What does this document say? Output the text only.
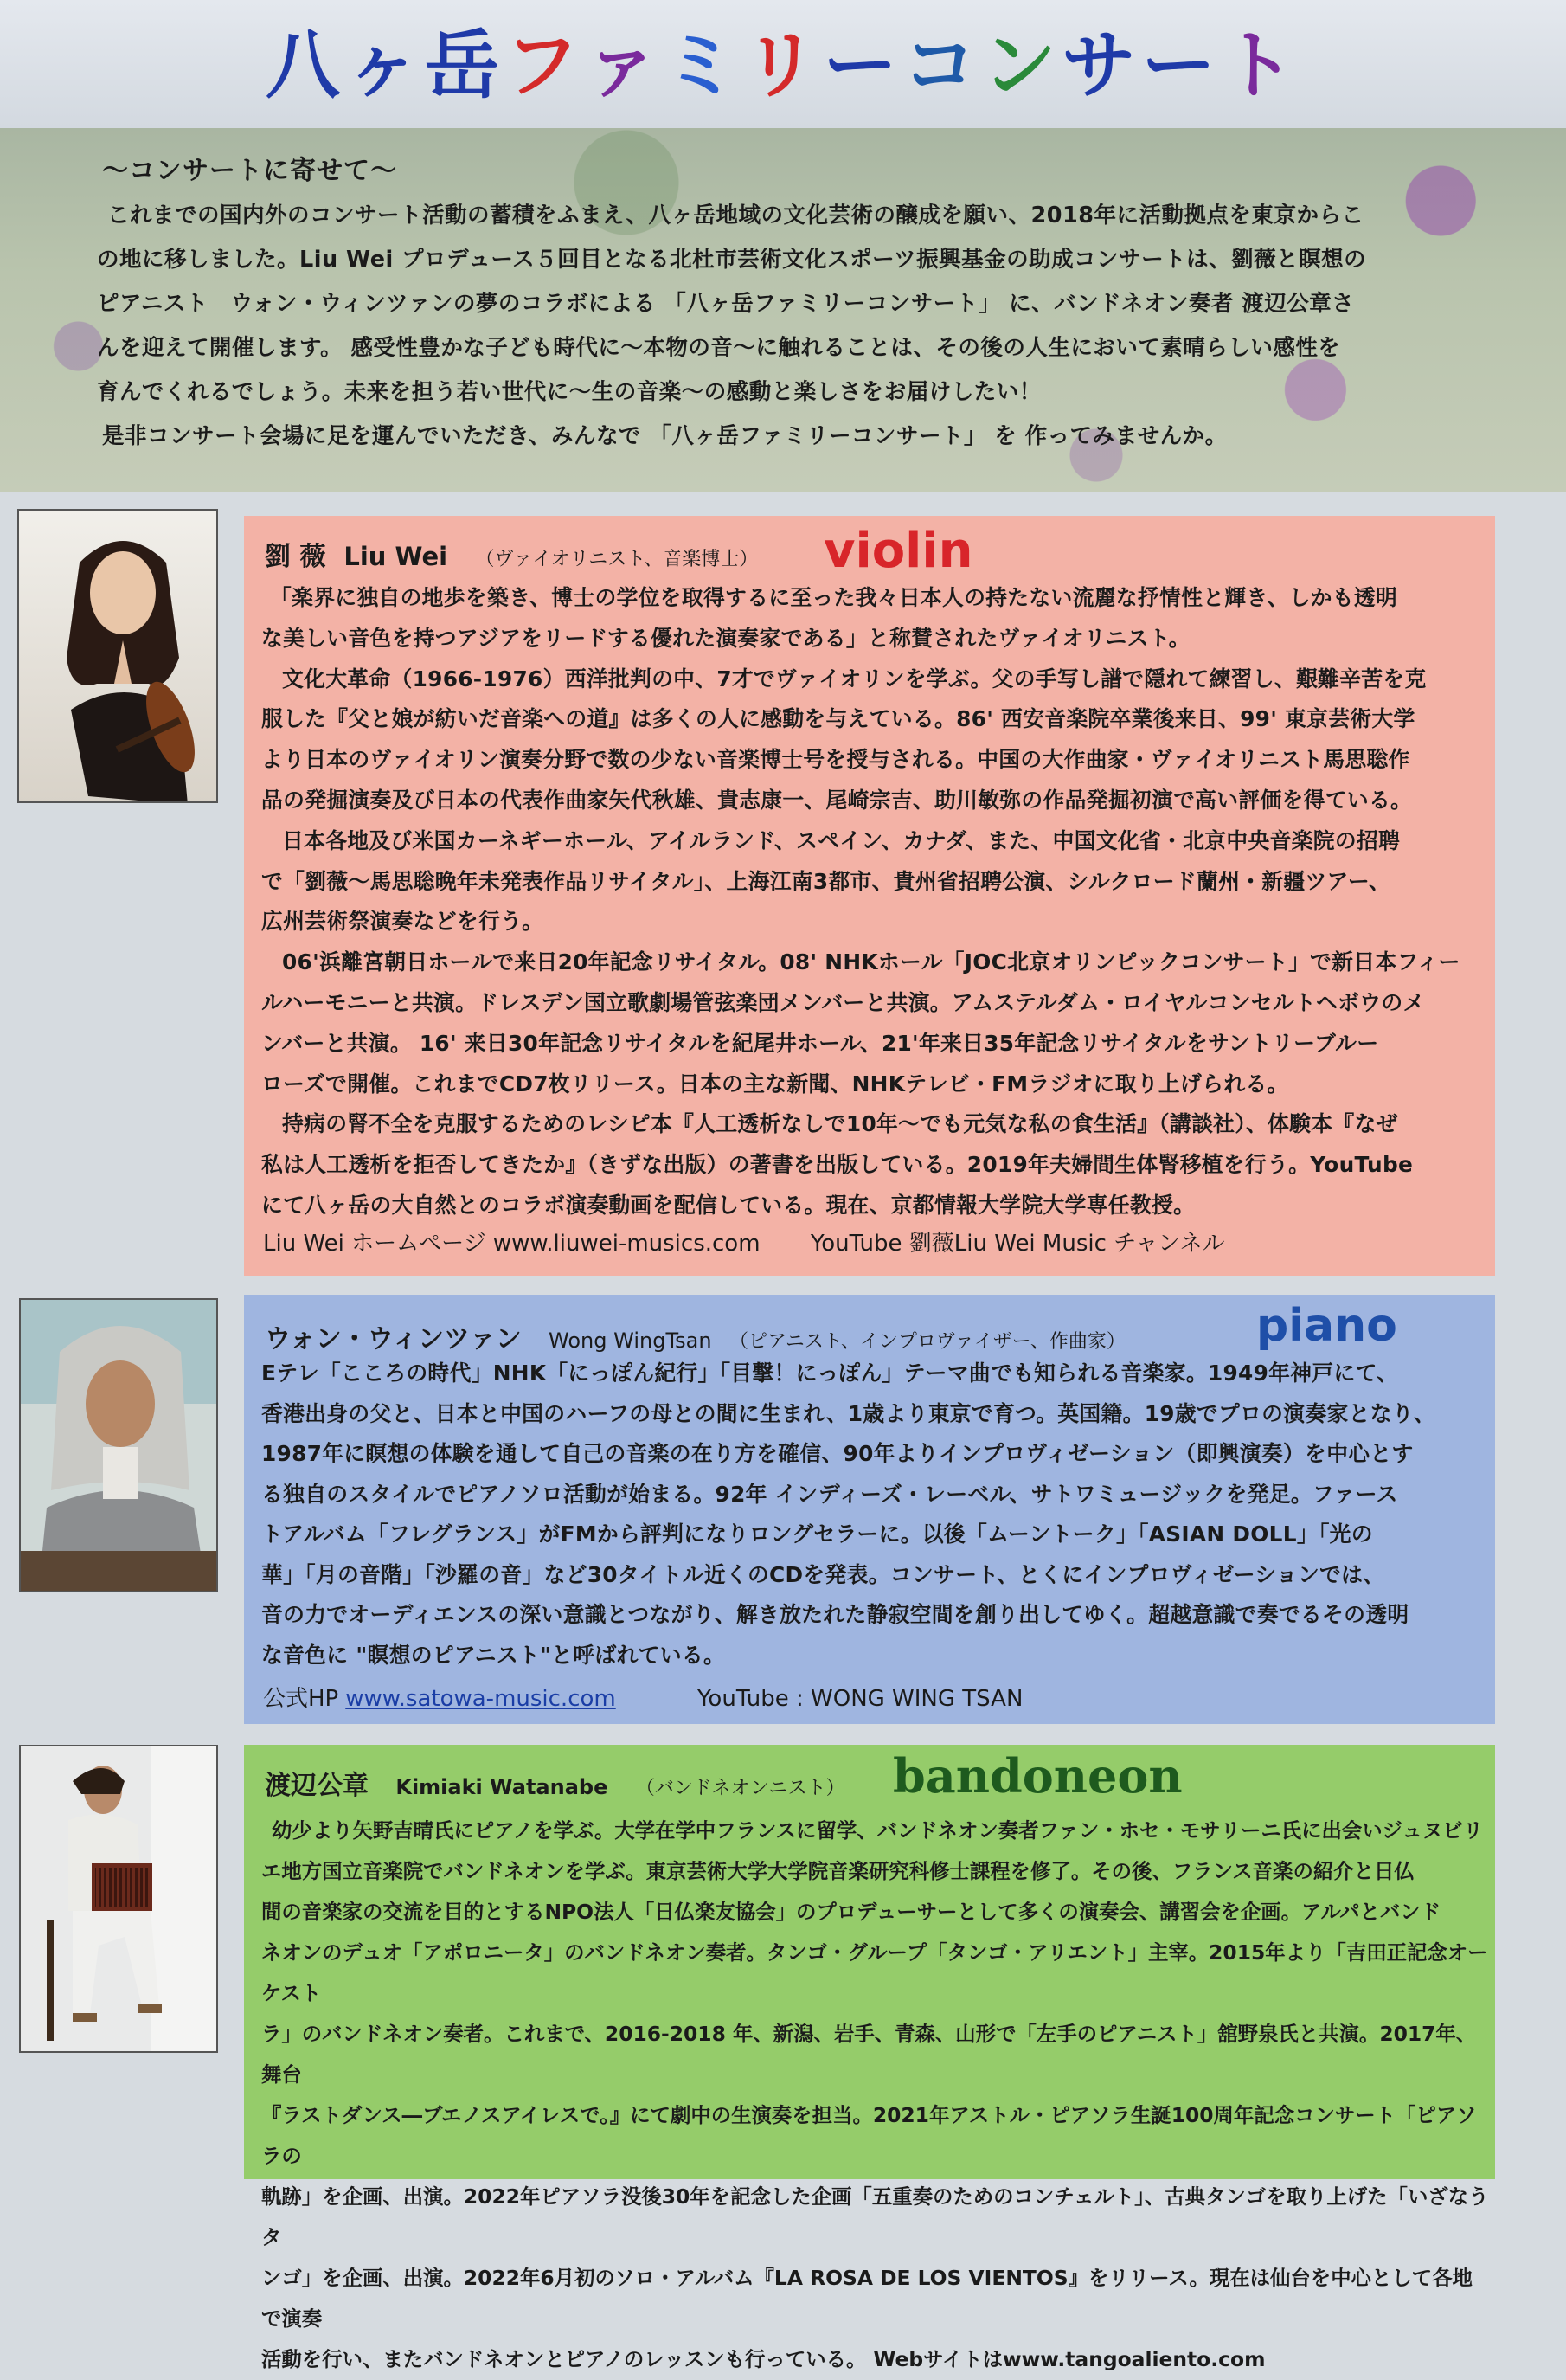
八ヶ岳ファミリーコンサート
〜コンサートに寄せて〜
これまでの国内外のコンサート活動の蓄積をふまえ、八ヶ岳地域の文化芸術の醸成を願い、2018年に活動拠点を東京からこ
の地に移しました。Liu Wei プロデュース５回目となる北杜市芸術文化スポーツ振興基金の助成コンサートは、劉薇と瞑想の
ピアニスト　ウォン・ウィンツァンの夢のコラボによる 「八ヶ岳ファミリーコンサート」 に、バンドネオン奏者 渡辺公章さ
んを迎えて開催します。 感受性豊かな子ども時代に〜本物の音〜に触れることは、その後の人生において素晴らしい感性を
育んでくれるでしょう。未来を担う若い世代に〜生の音楽〜の感動と楽しさをお届けしたい！
是非コンサート会場に足を運んでいただき、みんなで 「八ヶ岳ファミリーコンサート」 を 作ってみませんか。
劉 薇 Liu Wei （ヴァイオリニスト、音楽博士） violin

「楽界に独自の地歩を築き、博士の学位を取得するに至った我々日本人の持たない流麗な抒情性と輝き、しかも透明

な美しい音色を持つアジアをリードする優れた演奏家である」と称賛されたヴァイオリニスト。

文化大革命（1966-1976）西洋批判の中、7才でヴァイオリンを学ぶ。父の手写し譜で隠れて練習し、艱難辛苦を克

服した『父と娘が紡いだ音楽への道』は多くの人に感動を与えている。86' 西安音楽院卒業後来日、99' 東京芸術大学

より日本のヴァイオリン演奏分野で数の少ない音楽博士号を授与される。中国の大作曲家・ヴァイオリニスト馬思聡作

品の発掘演奏及び日本の代表作曲家矢代秋雄、貴志康一、尾崎宗吉、助川敏弥の作品発掘初演で高い評価を得ている。

日本各地及び米国カーネギーホール、アイルランド、スペイン、カナダ、また、中国文化省・北京中央音楽院の招聘

で「劉薇〜馬思聡晩年未発表作品リサイタル」、上海江南3都市、貴州省招聘公演、シルクロード蘭州・新疆ツアー、

広州芸術祭演奏などを行う。

06'浜離宮朝日ホールで来日20年記念リサイタル。08' NHKホール「JOC北京オリンピックコンサート」で新日本フィー

ルハーモニーと共演。ドレスデン国立歌劇場管弦楽団メンバーと共演。アムステルダム・ロイヤルコンセルトヘボウのメ

ンバーと共演。 16' 来日30年記念リサイタルを紀尾井ホール、21'年来日35年記念リサイタルをサントリーブルー

ローズで開催。これまでCD7枚リリース。日本の主な新聞、NHKテレビ・FMラジオに取り上げられる。

持病の腎不全を克服するためのレシピ本『人工透析なしで10年〜でも元気な私の食生活』（講談社）、体験本『なぜ

私は人工透析を拒否してきたか』（きずな出版）の著書を出版している。2019年夫婦間生体腎移植を行う。YouTube

にて八ヶ岳の大自然とのコラボ演奏動画を配信している。現在、京都情報大学院大学専任教授。

Liu Wei ホームページ www.liuwei-musics.com YouTube 劉薇Liu Wei Music チャンネル
ウォン・ウィンツァン Wong WingTsan （ピアニスト、インプロヴァイザー、作曲家）	piano

Eテレ「こころの時代」NHK「にっぽん紀行」「目撃！にっぽん」テーマ曲でも知られる音楽家。1949年神戸にて、

香港出身の父と、日本と中国のハーフの母との間に生まれ、1歳より東京で育つ。英国籍。19歳でプロの演奏家となり、

1987年に瞑想の体験を通して自己の音楽の在り方を確信、90年よりインプロヴィゼーション（即興演奏）を中心とす

る独自のスタイルでピアノソロ活動が始まる。92年 インディーズ・レーベル、サトワミュージックを発足。ファース

トアルバム「フレグランス」がFMから評判になりロングセラーに。以後「ムーントーク」「ASIAN DOLL」「光の

華」「月の音階」「沙羅の音」など30タイトル近くのCDを発表。コンサート、とくにインプロヴィゼーションでは、

音の力でオーディエンスの深い意識とつながり、解き放たれた静寂空間を創り出してゆく。超越意識で奏でるその透明

な音色に "瞑想のピアニスト"と呼ばれている。

公式HP www.satowa-music.com	YouTube : WONG WING TSAN
渡辺公章 Kimiaki Watanabe （バンドネオンニスト） bandoneon

幼少より矢野吉晴氏にピアノを学ぶ。大学在学中フランスに留学、バンドネオン奏者ファン・ホセ・モサリーニ氏に出会いジュヌビリ

エ地方国立音楽院でバンドネオンを学ぶ。東京芸術大学大学院音楽研究科修士課程を修了。その後、フランス音楽の紹介と日仏

間の音楽家の交流を目的とするNPO法人「日仏楽友協会」のプロデューサーとして多くの演奏会、講習会を企画。アルパとバンド

ネオンのデュオ「アポロニータ」のバンドネオン奏者。タンゴ・グループ「タンゴ・アリエント」主宰。2015年より「吉田正記念オーケスト

ラ」のバンドネオン奏者。これまで、2016-2018 年、新潟、岩手、青森、山形で「左手のピアニスト」舘野泉氏と共演。2017年、舞台

『ラストダンス―ブエノスアイレスで。』にて劇中の生演奏を担当。2021年アストル・ピアソラ生誕100周年記念コンサート「ピアソラの

軌跡」を企画、出演。2022年ピアソラ没後30年を記念した企画「五重奏のためのコンチェルト」、古典タンゴを取り上げた「いざなうタ

ンゴ」を企画、出演。2022年6月初のソロ・アルバム『LA ROSA DE LOS VIENTOS』をリリース。現在は仙台を中心として各地で演奏

活動を行い、またバンドネオンとピアノのレッスンも行っている。 Webサイトはwww.tangoaliento.com
